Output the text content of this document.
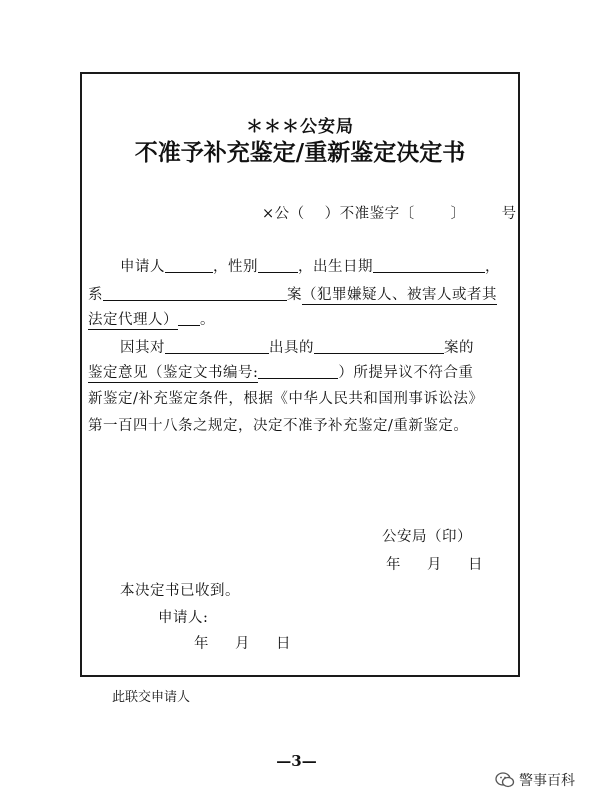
＊＊＊公安局
不准予补充鉴定/重新鉴定决定书
×公（ ）不准鉴字〔 〕 号
申请人	，性别	，出生日期	，
系	案（犯罪嫌疑人、被害人或者其
法定代理人） 。
因其对	出具的	案的
鉴定意见（鉴定文书编号:	）所提异议不符合重
新鉴定/补充鉴定条件，根据《中华人民共和国刑事诉讼法》
第一百四十八条之规定，决定不准予补充鉴定/重新鉴定。
公安局（印）
年　月　日
本决定书已收到。
申请人:
年　月　日
此联交申请人
—3—
警事百科
